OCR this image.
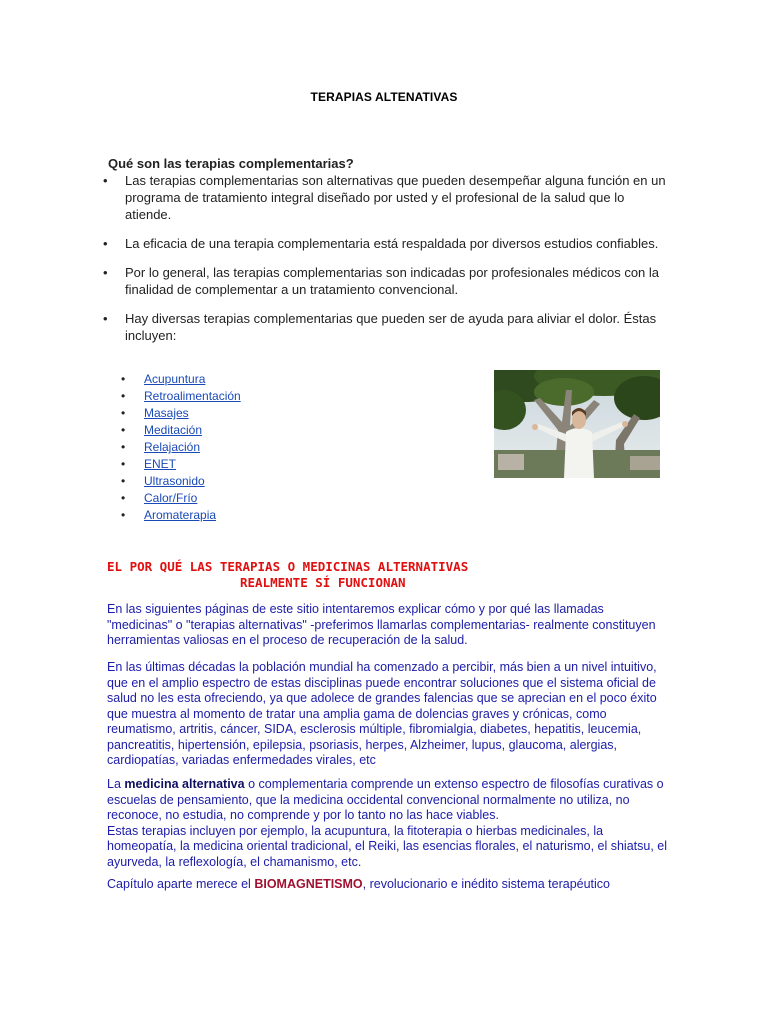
TERAPIAS ALTENATIVAS
Qué son las terapias complementarias?
• Las terapias complementarias son alternativas que pueden desempeñar alguna función en un programa de tratamiento integral diseñado por usted y el profesional de la salud que lo atiende.
• La eficacia de una terapia complementaria está respaldada por diversos estudios confiables.
• Por lo general, las terapias complementarias son indicadas por profesionales médicos con la finalidad de complementar a un tratamiento convencional.
• Hay diversas terapias complementarias que pueden ser de ayuda para aliviar el dolor. Éstas incluyen:
• Acupuntura
• Retroalimentación
• Masajes
• Meditación
• Relajación
• ENET
• Ultrasonido
• Calor/Frío
• Aromaterapia
EL POR QUÉ LAS TERAPIAS O MEDICINAS ALTERNATIVAS
REALMENTE SÍ FUNCIONAN
En las siguientes páginas de este sitio intentaremos explicar cómo y por qué las llamadas "medicinas" o "terapias alternativas" -preferimos llamarlas complementarias- realmente constituyen herramientas valiosas en el proceso de recuperación de la salud.
En las últimas décadas la población mundial ha comenzado a percibir, más bien a un nivel intuitivo, que en el amplio espectro de estas disciplinas puede encontrar soluciones que el sistema oficial de salud no les esta ofreciendo, ya que adolece de grandes falencias que se aprecian en el poco éxito que muestra al momento de tratar una amplia gama de dolencias graves y crónicas, como reumatismo, artritis, cáncer, SIDA, esclerosis múltiple, fibromialgia, diabetes, hepatitis, leucemia, pancreatitis, hipertensión, epilepsia, psoriasis, herpes, Alzheimer, lupus, glaucoma, alergias, cardiopatías, variadas enfermedades virales, etc
La medicina alternativa o complementaria comprende un extenso espectro de filosofías curativas o escuelas de pensamiento, que la medicina occidental convencional normalmente no utiliza, no reconoce, no estudia, no comprende y por lo tanto no las hace viables.
Estas terapias incluyen por ejemplo, la acupuntura, la fitoterapia o hierbas medicinales, la homeopatía, la medicina oriental tradicional, el Reiki, las esencias florales, el naturismo, el shiatsu, el ayurveda, la reflexología, el chamanismo, etc.
Capítulo aparte merece el BIOMAGNETISMO, revolucionario e inédito sistema terapéutico
